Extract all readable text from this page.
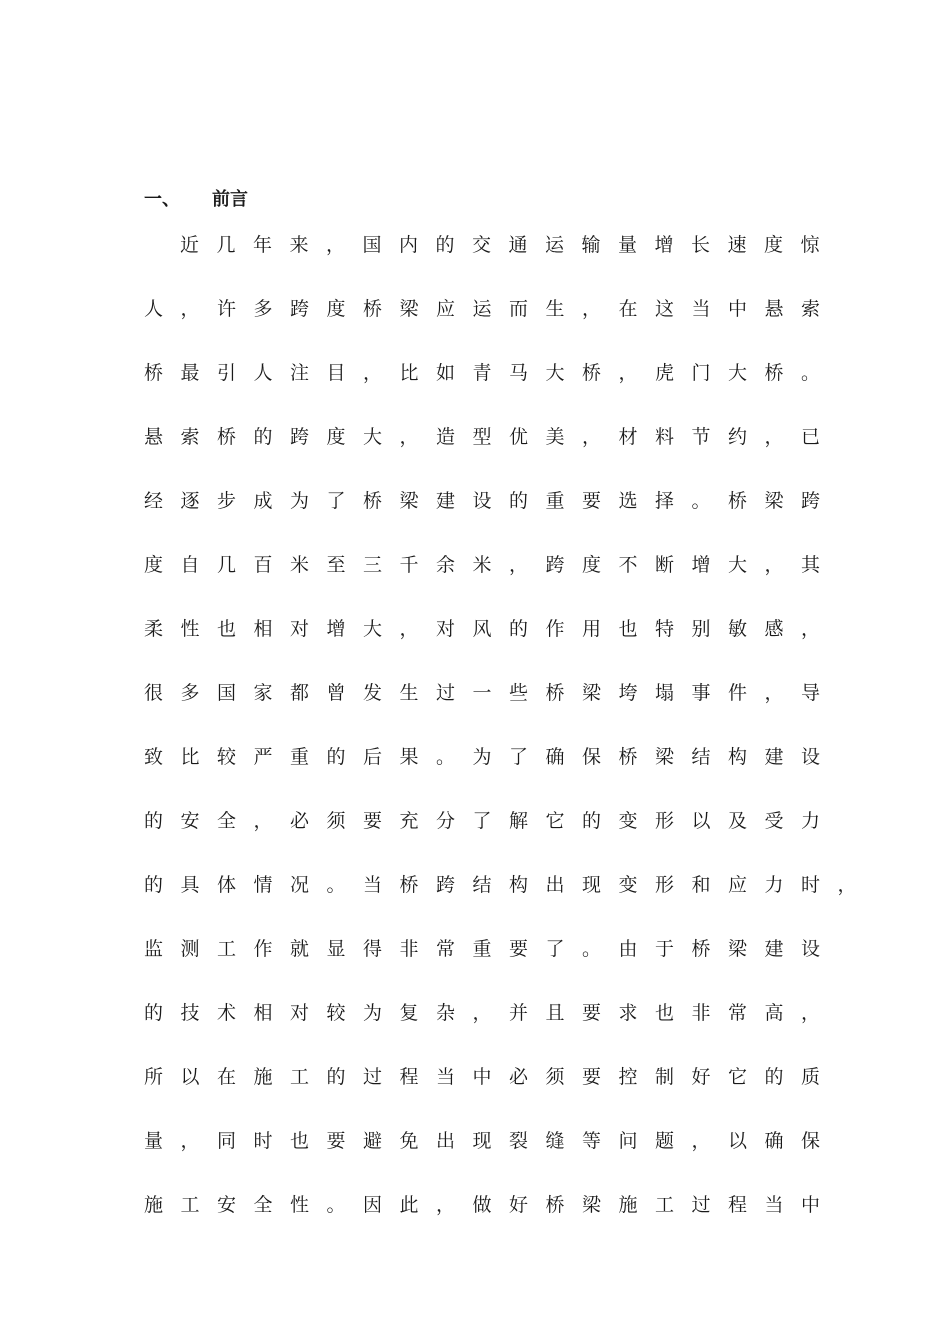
一、 前言
近几年来，国内的交通运输量增长速度惊
人，许多跨度桥梁应运而生，在这当中悬索
桥最引人注目，比如青马大桥，虎门大桥。
悬索桥的跨度大，造型优美，材料节约，已
经逐步成为了桥梁建设的重要选择。桥梁跨
度自几百米至三千余米，跨度不断增大，其
柔性也相对增大，对风的作用也特别敏感，
很多国家都曾发生过一些桥梁垮塌事件，导
致比较严重的后果。为了确保桥梁结构建设
的安全，必须要充分了解它的变形以及受力
的具体情况。当桥跨结构出现变形和应力时，
监测工作就显得非常重要了。由于桥梁建设
的技术相对较为复杂，并且要求也非常高，
所以在施工的过程当中必须要控制好它的质
量，同时也要避免出现裂缝等问题，以确保
施工安全性。因此，做好桥梁施工过程当中
